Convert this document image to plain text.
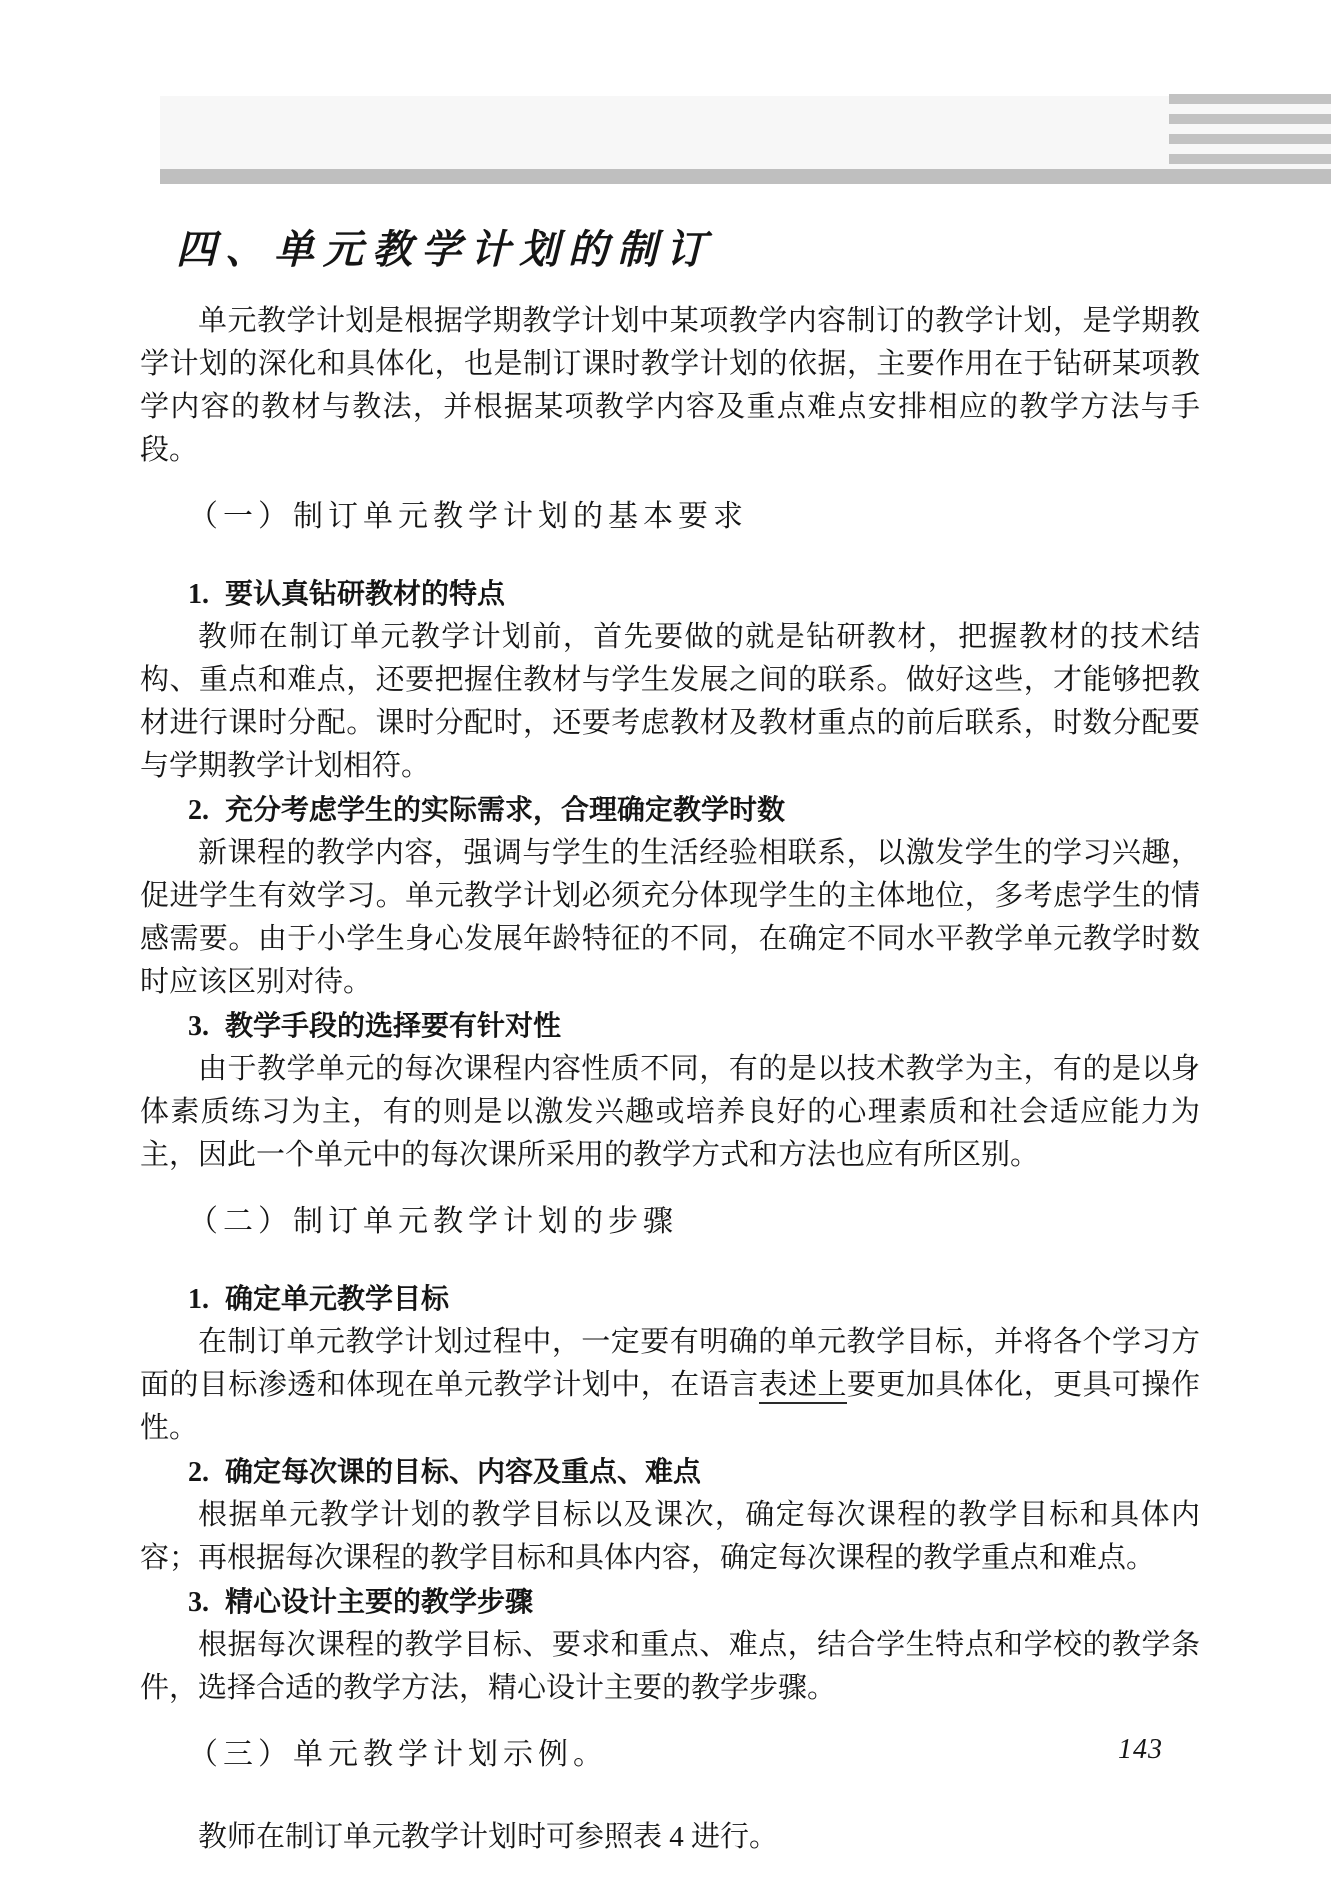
四、单元教学计划的制订

单元教学计划是根据学期教学计划中某项教学内容制订的教学计划，是学期教学计划的深化和具体化，也是制订课时教学计划的依据，主要作用在于钻研某项教学内容的教材与教法，并根据某项教学内容及重点难点安排相应的教学方法与手段。

（一）制订单元教学计划的基本要求

1. 要认真钻研教材的特点

教师在制订单元教学计划前，首先要做的就是钻研教材，把握教材的技术结构、重点和难点，还要把握住教材与学生发展之间的联系。做好这些，才能够把教材进行课时分配。课时分配时，还要考虑教材及教材重点的前后联系，时数分配要与学期教学计划相符。

2. 充分考虑学生的实际需求，合理确定教学时数

新课程的教学内容，强调与学生的生活经验相联系，以激发学生的学习兴趣，促进学生有效学习。单元教学计划必须充分体现学生的主体地位，多考虑学生的情感需要。由于小学生身心发展年龄特征的不同，在确定不同水平教学单元教学时数时应该区别对待。

3. 教学手段的选择要有针对性

由于教学单元的每次课程内容性质不同，有的是以技术教学为主，有的是以身体素质练习为主，有的则是以激发兴趣或培养良好的心理素质和社会适应能力为主，因此一个单元中的每次课所采用的教学方式和方法也应有所区别。

（二）制订单元教学计划的步骤

1. 确定单元教学目标

在制订单元教学计划过程中，一定要有明确的单元教学目标，并将各个学习方面的目标渗透和体现在单元教学计划中，在语言表述上要更加具体化，更具可操作性。

2. 确定每次课的目标、内容及重点、难点

根据单元教学计划的教学目标以及课次，确定每次课程的教学目标和具体内容；再根据每次课程的教学目标和具体内容，确定每次课程的教学重点和难点。

3. 精心设计主要的教学步骤

根据每次课程的教学目标、要求和重点、难点，结合学生特点和学校的教学条件，选择合适的教学方法，精心设计主要的教学步骤。

（三）单元教学计划示例。

教师在制订单元教学计划时可参照表 4 进行。

143
